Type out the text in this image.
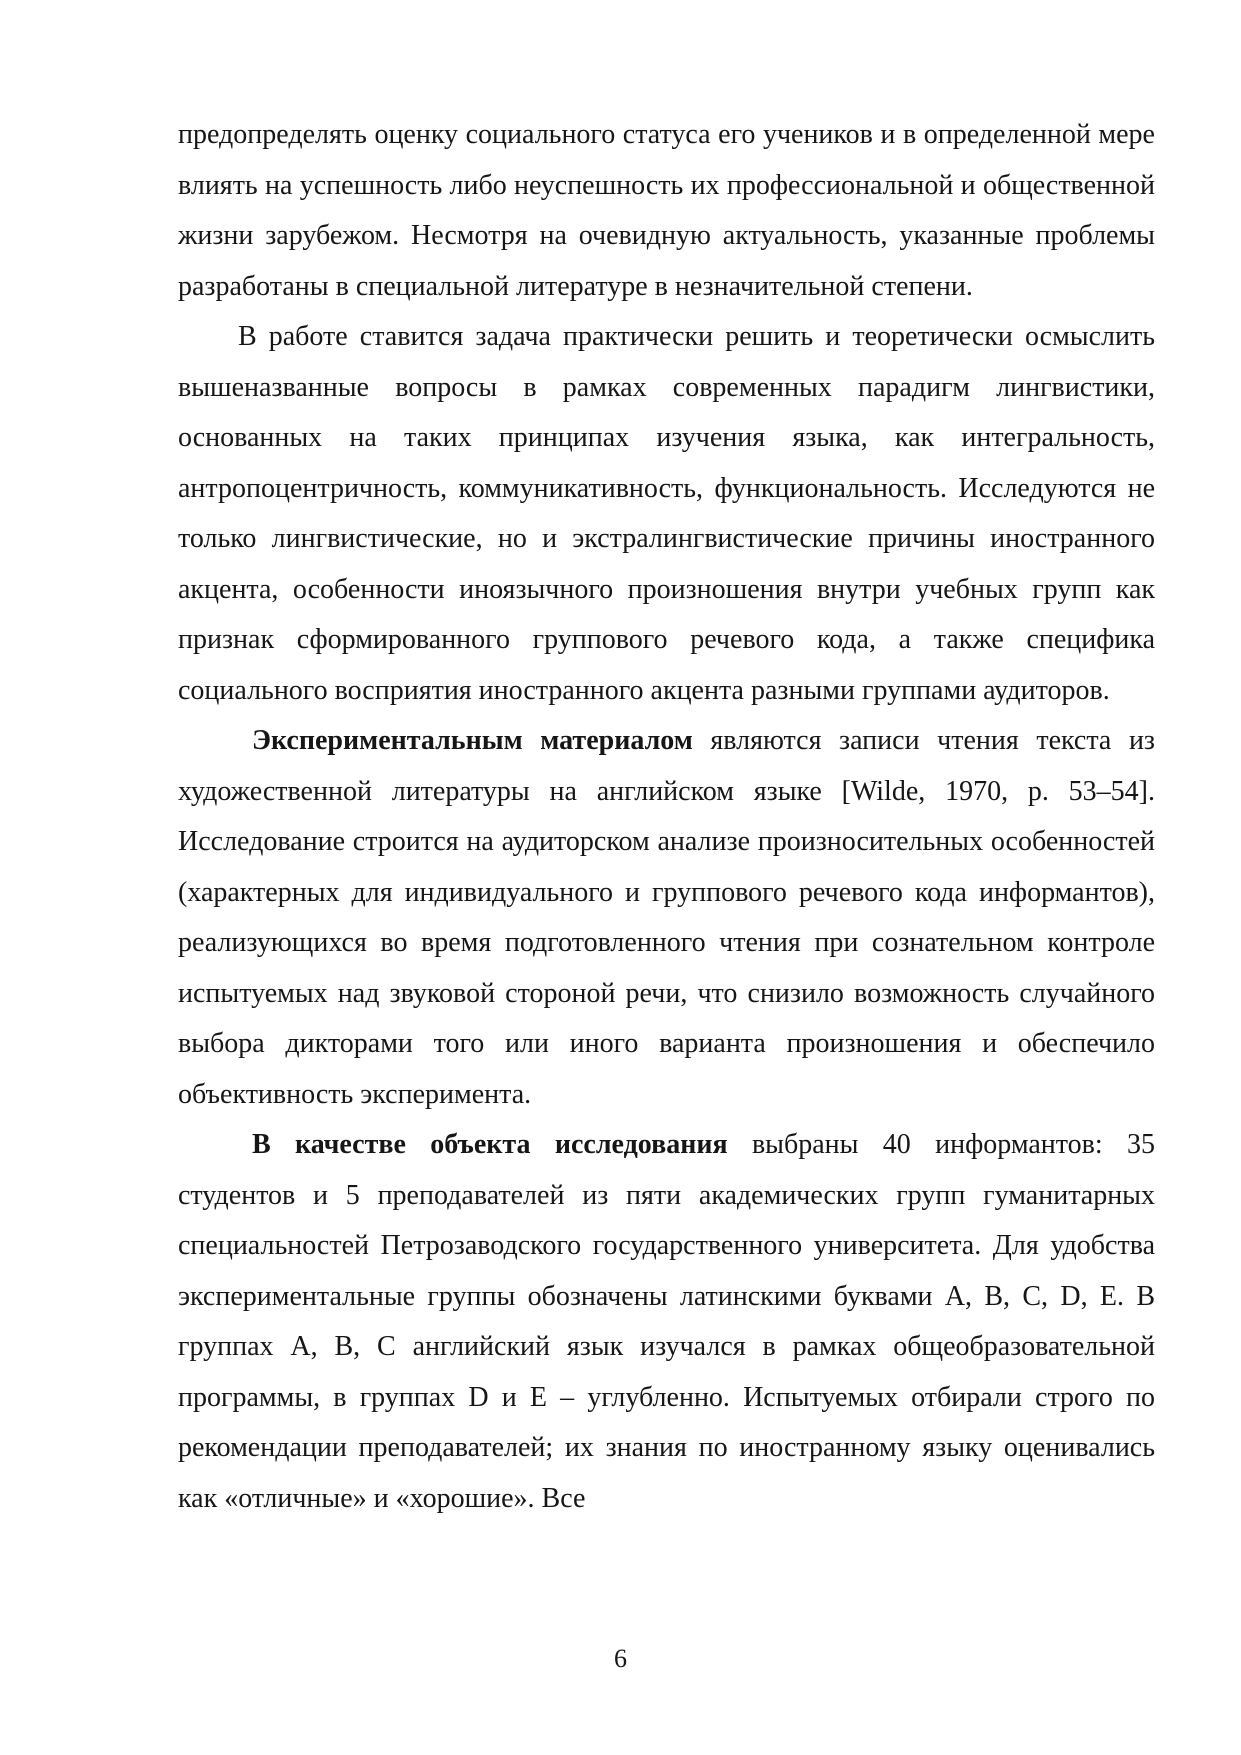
предопределять оценку социального статуса его учеников и в определенной мере влиять на успешность либо неуспешность их профессиональной и общественной жизни зарубежом. Несмотря на очевидную актуальность, указанные проблемы разработаны в специальной литературе в незначительной степени.

В работе ставится задача практически решить и теоретически осмыслить вышеназванные вопросы в рамках современных парадигм лингвистики, основанных на таких принципах изучения языка, как интегральность, антропоцентричность, коммуникативность, функциональность. Исследуются не только лингвистические, но и экстралингвистические причины иностранного акцента, особенности иноязычного произношения внутри учебных групп как признак сформированного группового речевого кода, а также специфика социального восприятия иностранного акцента разными группами аудиторов.

Экспериментальным материалом являются записи чтения текста из художественной литературы на английском языке [Wilde, 1970, p. 53–54]. Исследование строится на аудиторском анализе произносительных особенностей (характерных для индивидуального и группового речевого кода информантов), реализующихся во время подготовленного чтения при сознательном контроле испытуемых над звуковой стороной речи, что снизило возможность случайного выбора дикторами того или иного варианта произношения и обеспечило объективность эксперимента.

В качестве объекта исследования выбраны 40 информантов: 35 студентов и 5 преподавателей из пяти академических групп гуманитарных специальностей Петрозаводского государственного университета. Для удобства экспериментальные группы обозначены латинскими буквами A, B, C, D, E. В группах A, B, C английский язык изучался в рамках общеобразовательной программы, в группах D и E – углубленно. Испытуемых отбирали строго по рекомендации преподавателей; их знания по иностранному языку оценивались как «отличные» и «хорошие». Все

6
